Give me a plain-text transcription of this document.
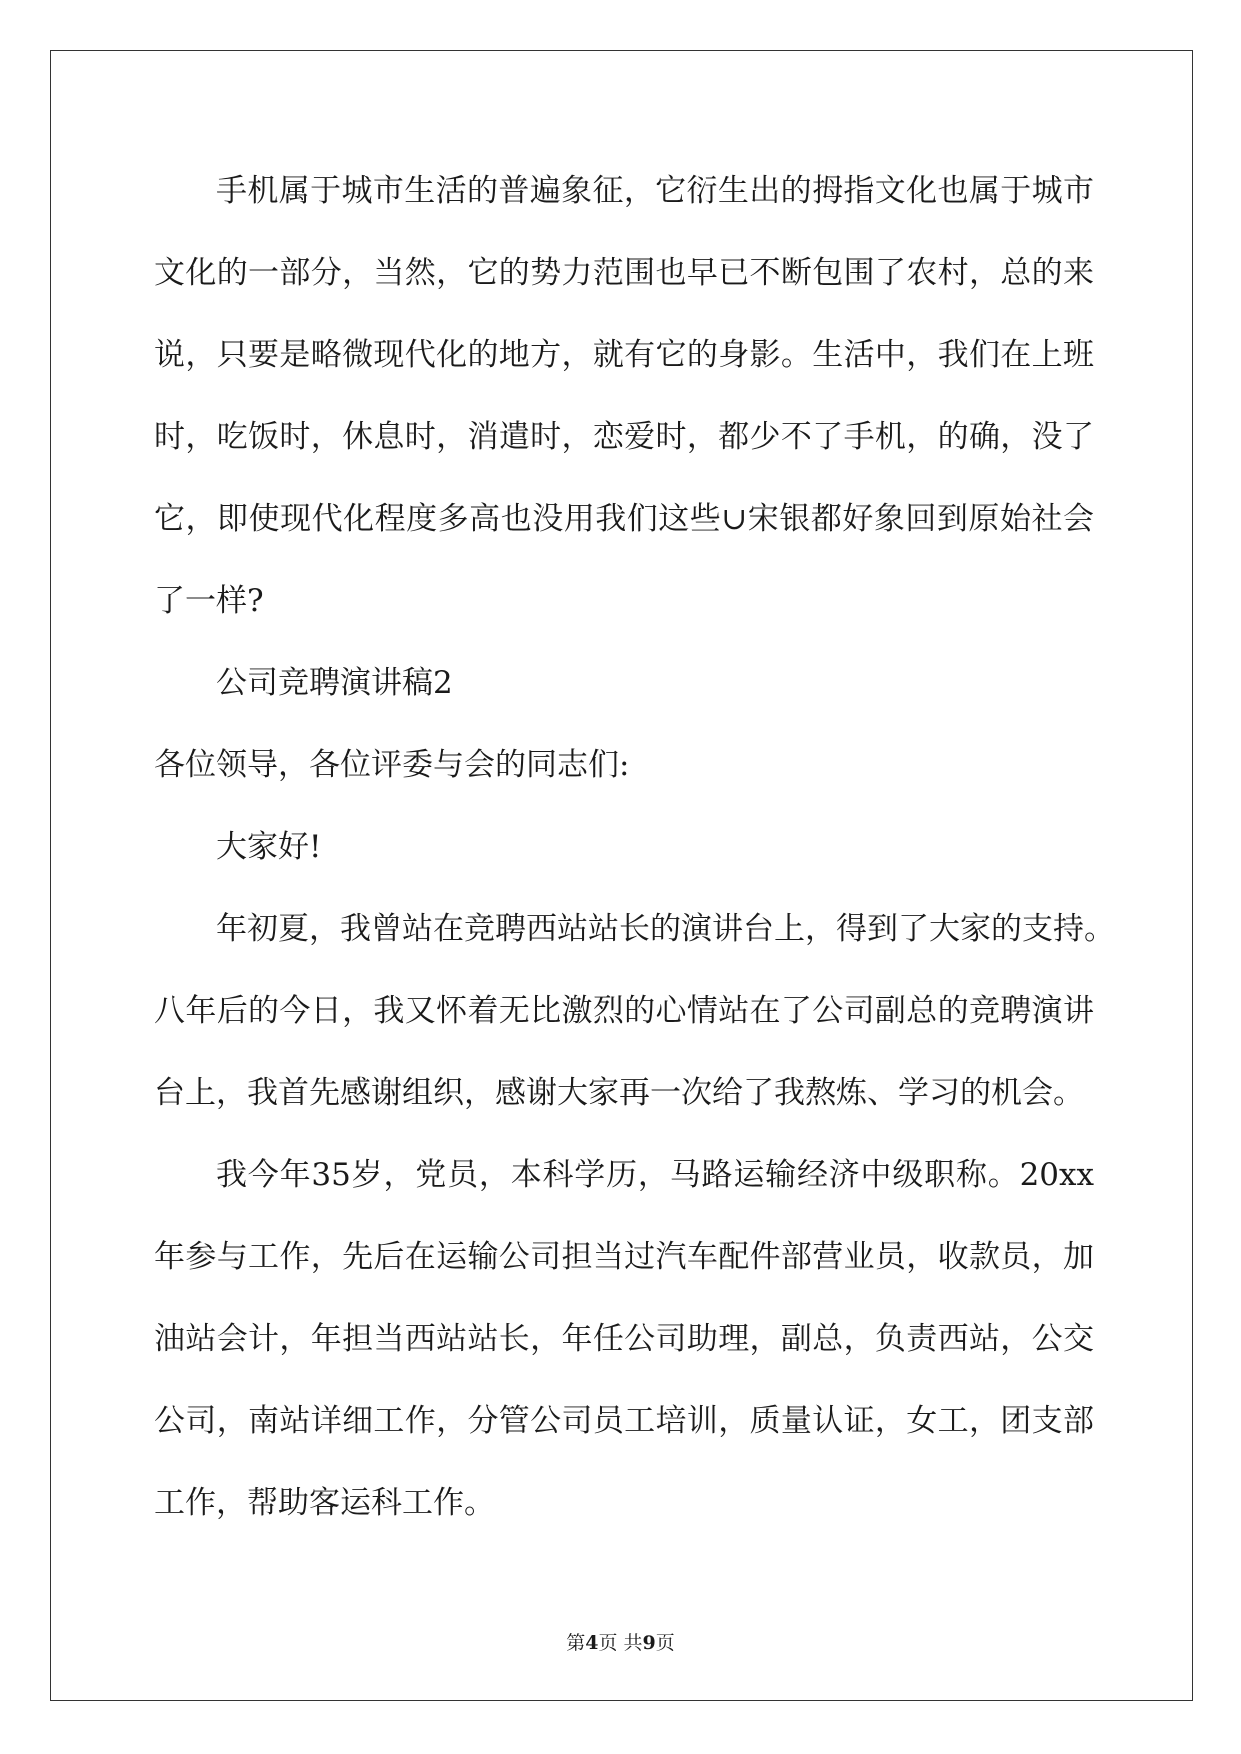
手机属于城市生活的普遍象征，它衍生出的拇指文化也属于城市
文化的一部分，当然，它的势力范围也早已不断包围了农村，总的来
说，只要是略微现代化的地方，就有它的身影。生活中，我们在上班
时，吃饭时，休息时，消遣时，恋爱时，都少不了手机，的确，没了
它，即使现代化程度多高也没用我们这些∪宋银都好象回到原始社会
了一样?
公司竞聘演讲稿2
各位领导，各位评委与会的同志们:
大家好!
年初夏，我曾站在竞聘西站站长的演讲台上，得到了大家的支持。
八年后的今日，我又怀着无比激烈的心情站在了公司副总的竞聘演讲
台上，我首先感谢组织，感谢大家再一次给了我熬炼、学习的机会。
我今年35岁，党员，本科学历，马路运输经济中级职称。20xx
年参与工作，先后在运输公司担当过汽车配件部营业员，收款员，加
油站会计，年担当西站站长，年任公司助理，副总，负责西站，公交
公司，南站详细工作，分管公司员工培训，质量认证，女工，团支部
工作，帮助客运科工作。
第4页 共9页
